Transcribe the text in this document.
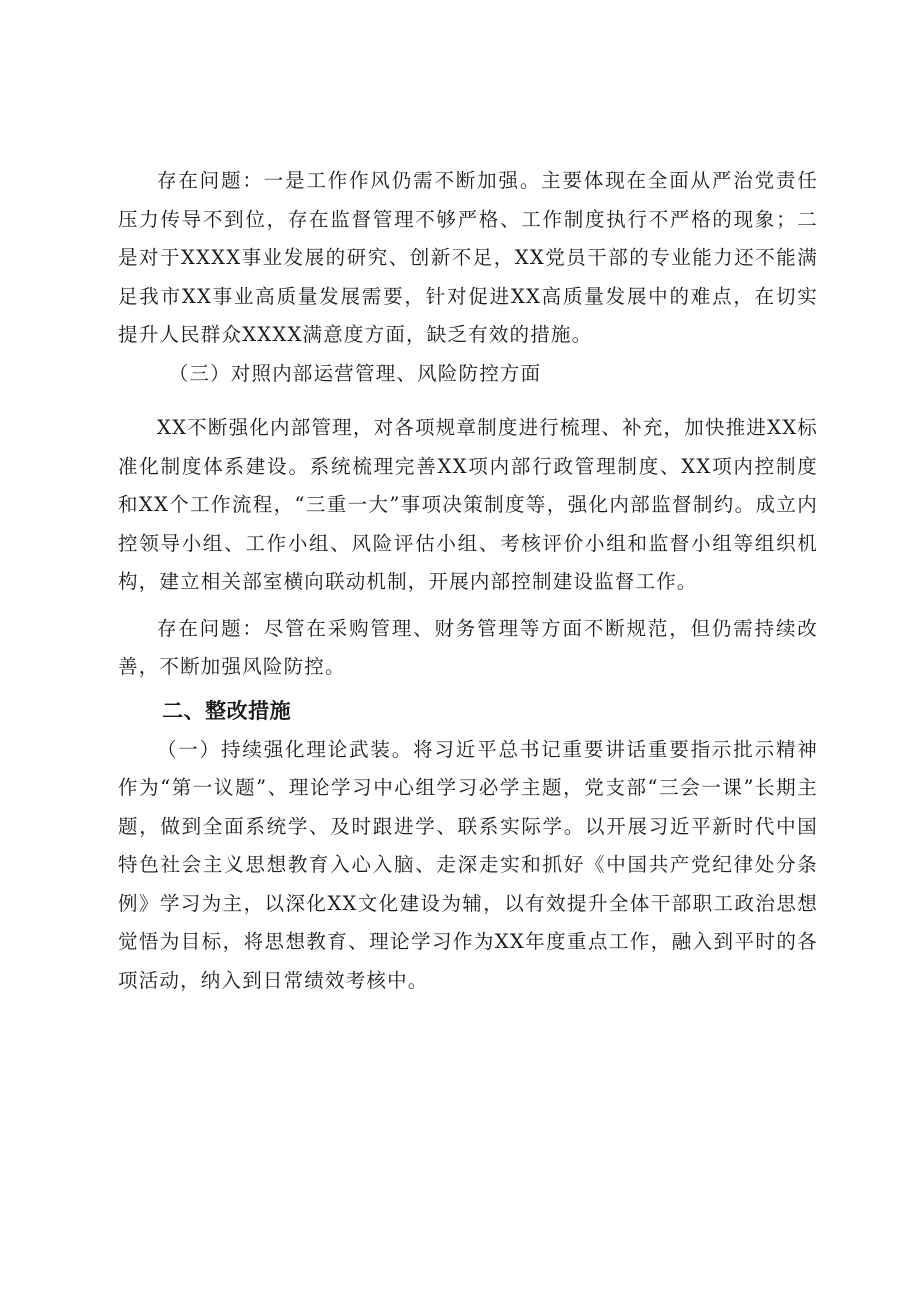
存在问题：一是工作作风仍需不断加强。主要体现在全面从严治党责任压力传导不到位，存在监督管理不够严格、工作制度执行不严格的现象；二是对于XXXX事业发展的研究、创新不足，XX党员干部的专业能力还不能满足我市XX事业高质量发展需要，针对促进XX高质量发展中的难点，在切实提升人民群众XXXX满意度方面，缺乏有效的措施。

（三）对照内部运营管理、风险防控方面

XX不断强化内部管理，对各项规章制度进行梳理、补充，加快推进XX标准化制度体系建设。系统梳理完善XX项内部行政管理制度、XX项内控制度和XX个工作流程，“三重一大”事项决策制度等，强化内部监督制约。成立内控领导小组、工作小组、风险评估小组、考核评价小组和监督小组等组织机构，建立相关部室横向联动机制，开展内部控制建设监督工作。

存在问题：尽管在采购管理、财务管理等方面不断规范，但仍需持续改善，不断加强风险防控。

二、整改措施

（一）持续强化理论武装。将习近平总书记重要讲话重要指示批示精神作为“第一议题”、理论学习中心组学习必学主题，党支部“三会一课”长期主题，做到全面系统学、及时跟进学、联系实际学。以开展习近平新时代中国特色社会主义思想教育入心入脑、走深走实和抓好《中国共产党纪律处分条例》学习为主，以深化XX文化建设为辅，以有效提升全体干部职工政治思想觉悟为目标，将思想教育、理论学习作为XX年度重点工作，融入到平时的各项活动，纳入到日常绩效考核中。
